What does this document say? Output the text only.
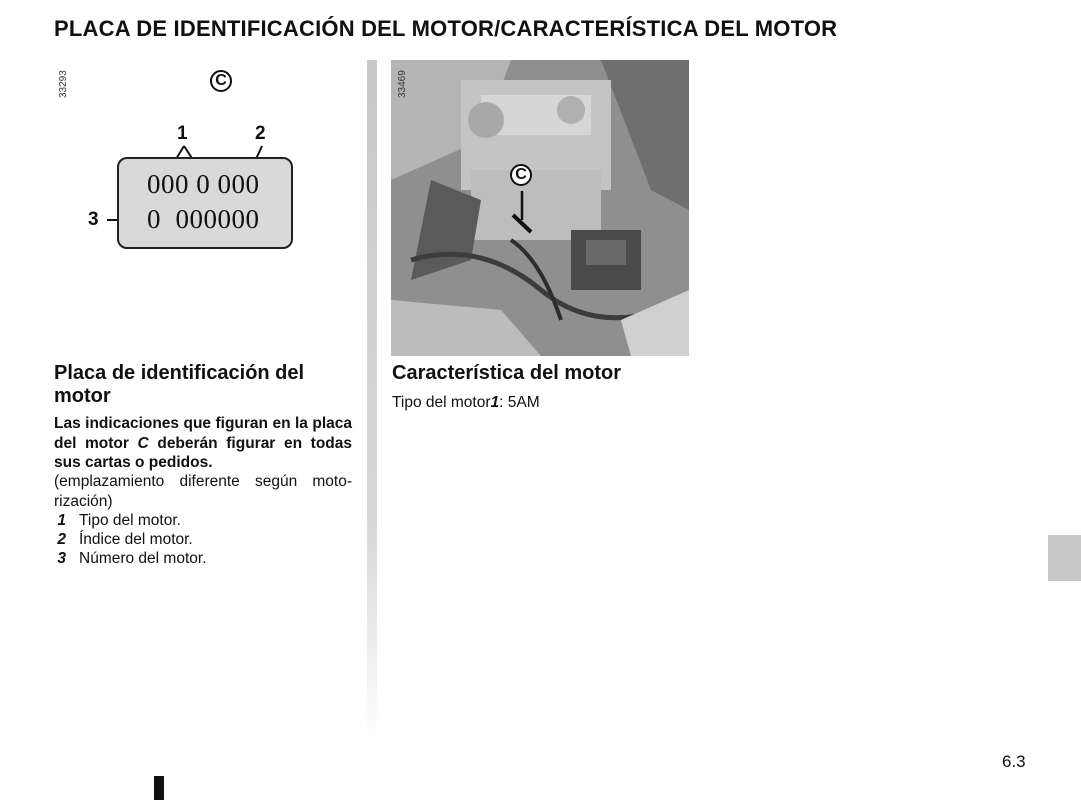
PLACA DE IDENTIFICACIÓN DEL MOTOR/CARACTERÍSTICA DEL MOTOR
33293	C
1	2
3
000 0 000
0  000000
Placa de identificación del motor
Las indicaciones que figuran en la placa del motor C deberán figurar en todas sus cartas o pedidos.
(emplazamiento diferente según motorización)
1 Tipo del motor.
2 Índice del motor.
3 Número del motor.
33469
C
Característica del motor
Tipo del motor1: 5AM
6.3
